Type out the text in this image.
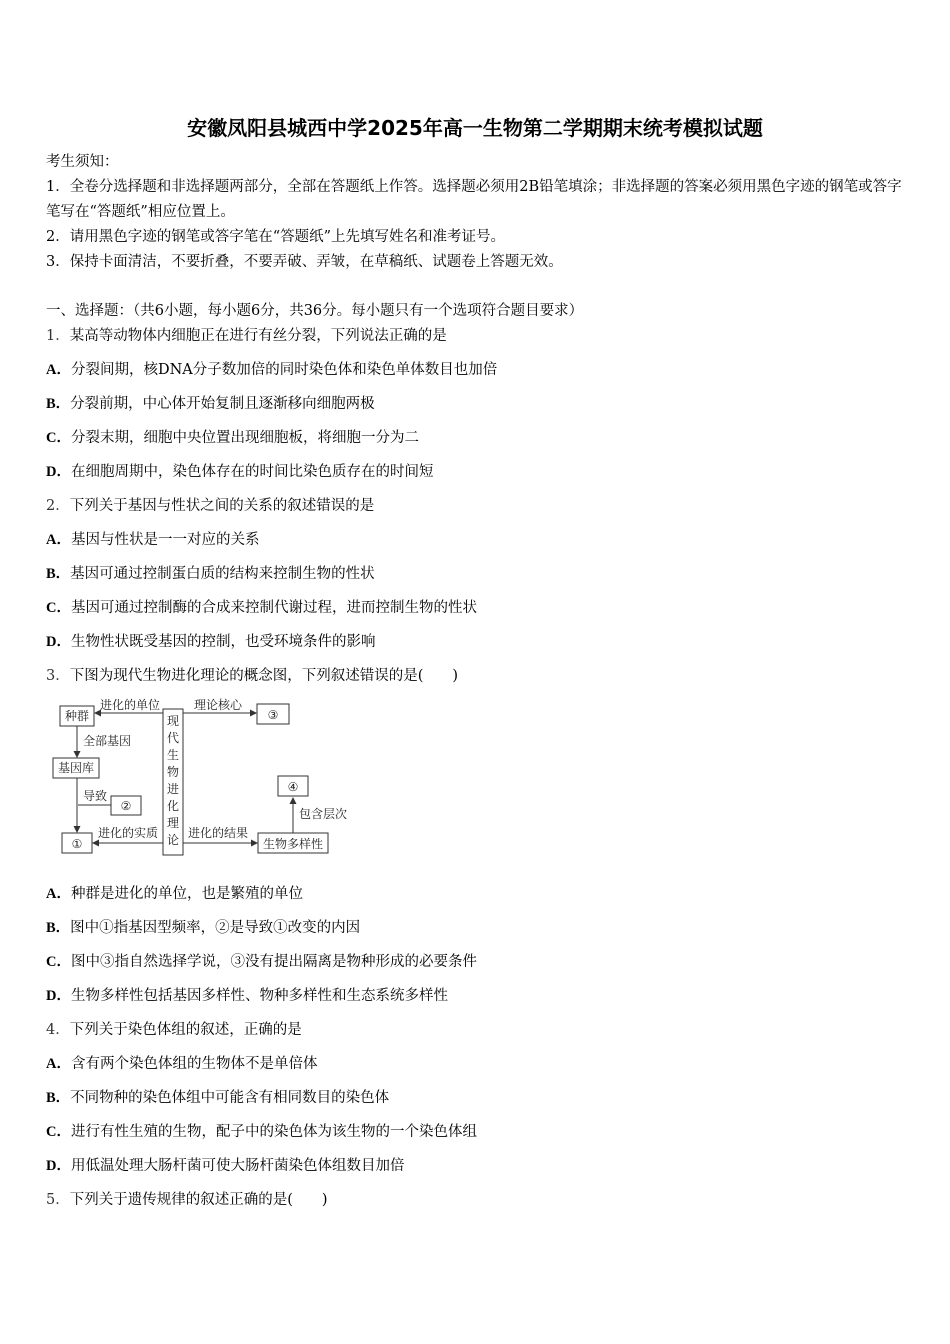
安徽凤阳县城西中学2025年高一生物第二学期期末统考模拟试题
考生须知：
1．全卷分选择题和非选择题两部分，全部在答题纸上作答。选择题必须用2B铅笔填涂；非选择题的答案必须用黑色字迹的钢笔或答字笔写在“答题纸”相应位置上。
2．请用黑色字迹的钢笔或答字笔在“答题纸”上先填写姓名和准考证号。
3．保持卡面清洁，不要折叠，不要弄破、弄皱，在草稿纸、试题卷上答题无效。
一、选择题：（共6小题，每小题6分，共36分。每小题只有一个选项符合题目要求）
1．某高等动物体内细胞正在进行有丝分裂，下列说法正确的是
A．分裂间期，核DNA分子数加倍的同时染色体和染色单体数目也加倍
B．分裂前期，中心体开始复制且逐渐移向细胞两极
C．分裂末期，细胞中央位置出现细胞板，将细胞一分为二
D．在细胞周期中，染色体存在的时间比染色质存在的时间短
2．下列关于基因与性状之间的关系的叙述错误的是
A．基因与性状是一一对应的关系
B．基因可通过控制蛋白质的结构来控制生物的性状
C．基因可通过控制酶的合成来控制代谢过程，进而控制生物的性状
D．生物性状既受基因的控制，也受环境条件的影响
3．下图为现代生物进化理论的概念图，下列叙述错误的是(　　)
现
代
生
物
进
化
理
论
种群
进化的单位
③
理论核心
全部基因
基因库
②
导致
①
进化的实质
生物多样性
进化的结果
包含层次
④
A．种群是进化的单位，也是繁殖的单位
B．图中①指基因型频率，②是导致①改变的内因
C．图中③指自然选择学说，③没有提出隔离是物种形成的必要条件
D．生物多样性包括基因多样性、物种多样性和生态系统多样性
4．下列关于染色体组的叙述，正确的是
A．含有两个染色体组的生物体不是单倍体
B．不同物种的染色体组中可能含有相同数目的染色体
C．进行有性生殖的生物，配子中的染色体为该生物的一个染色体组
D．用低温处理大肠杆菌可使大肠杆菌染色体组数目加倍
5．下列关于遗传规律的叙述正确的是(　　)
